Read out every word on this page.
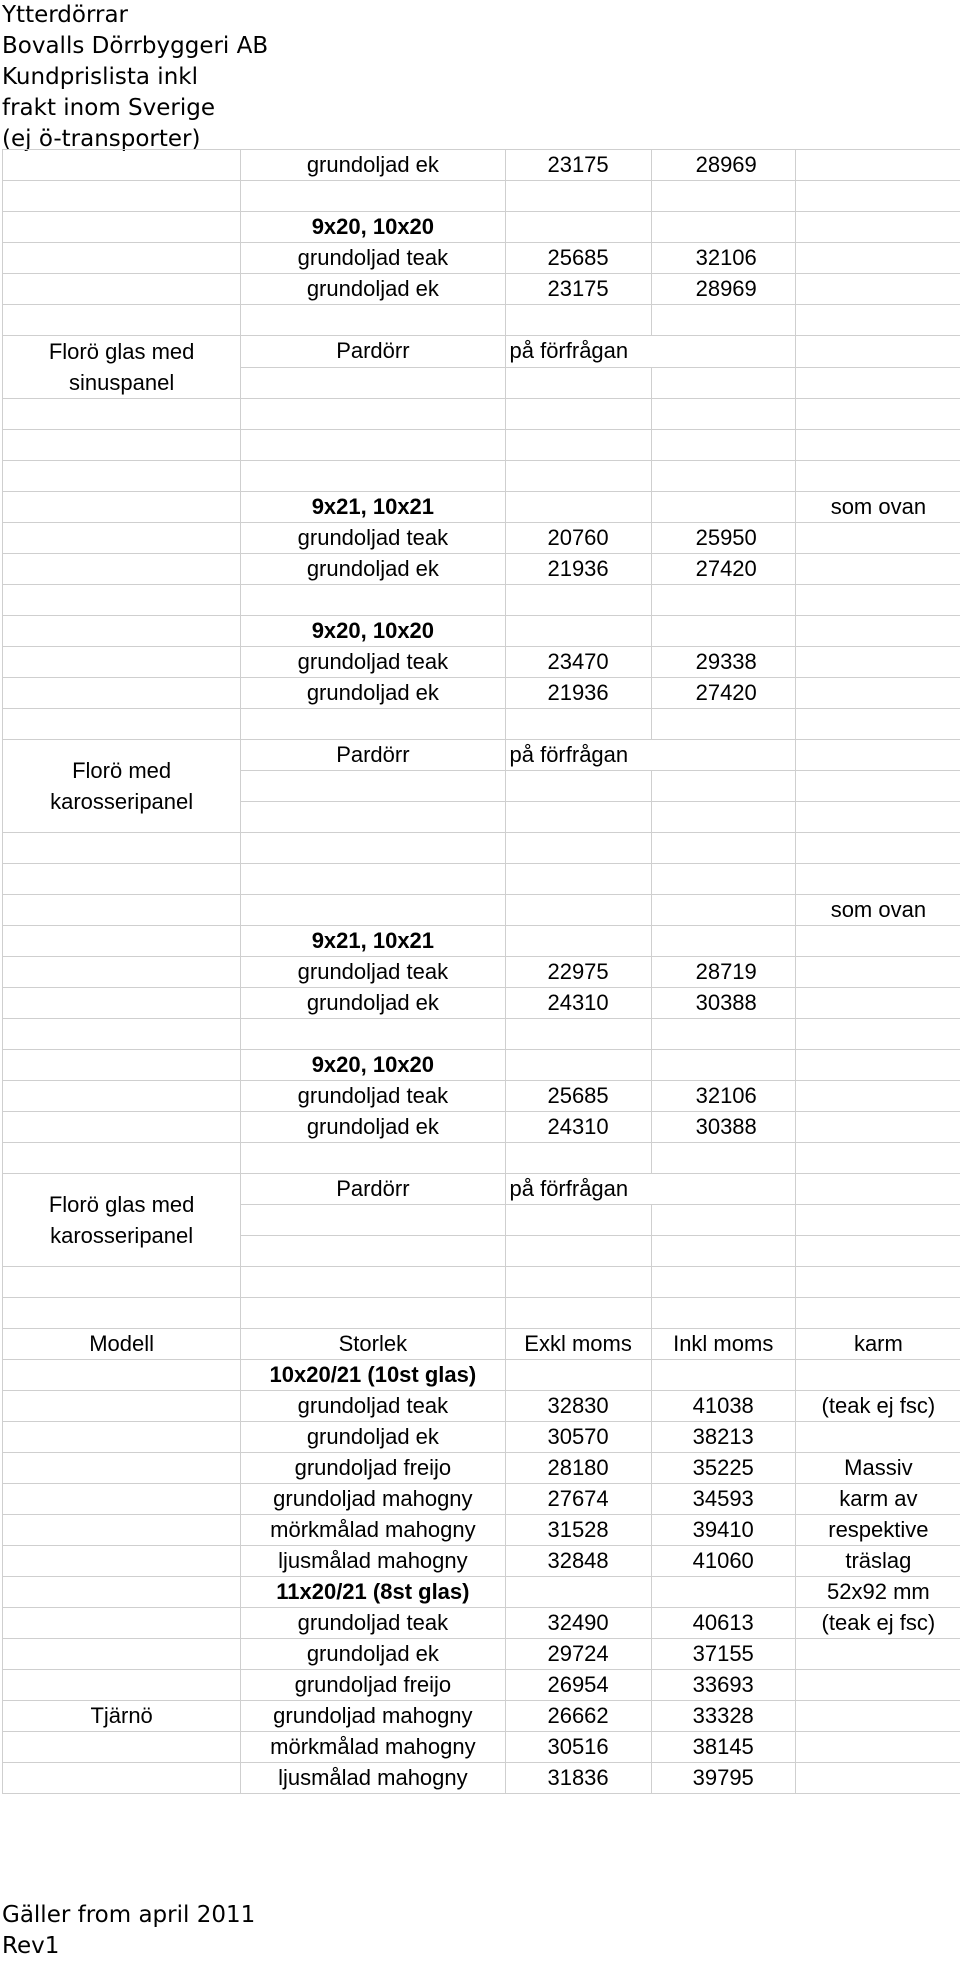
Ytterdörrar
Bovalls Dörrbyggeri AB
Kundprislista inkl
frakt inom Sverige
(ej ö-transporter)
	grundoljad ek	23175	28969	

	9x20, 10x20			
	grundoljad teak	25685	32106	
	grundoljad ek	23175	28969	

Florö glas med
sinuspanel	Pardörr	på förfrågan		

	9x21, 10x21			som ovan
	grundoljad teak	20760	25950	
	grundoljad ek	21936	27420	

	9x20, 10x20			
	grundoljad teak	23470	29338	
	grundoljad ek	21936	27420	

Florö med
karosseripanel	Pardörr	på förfrågan		

				som ovan
	9x21, 10x21			
	grundoljad teak	22975	28719	
	grundoljad ek	24310	30388	

	9x20, 10x20			
	grundoljad teak	25685	32106	
	grundoljad ek	24310	30388	

Florö glas med
karosseripanel	Pardörr	på förfrågan		

Modell	Storlek	Exkl moms	Inkl moms	karm
	10x20/21 (10st glas)			
	grundoljad teak	32830	41038	(teak ej fsc)
	grundoljad ek	30570	38213	
	grundoljad freijo	28180	35225	Massiv
	grundoljad mahogny	27674	34593	karm av
	mörkmålad mahogny	31528	39410	respektive
	ljusmålad mahogny	32848	41060	träslag
	11x20/21 (8st glas)			52x92 mm
	grundoljad teak	32490	40613	(teak ej fsc)
	grundoljad ek	29724	37155	
	grundoljad freijo	26954	33693	
Tjärnö	grundoljad mahogny	26662	33328	
	mörkmålad mahogny	30516	38145	
	ljusmålad mahogny	31836	39795	
Gäller from april 2011
Rev1
